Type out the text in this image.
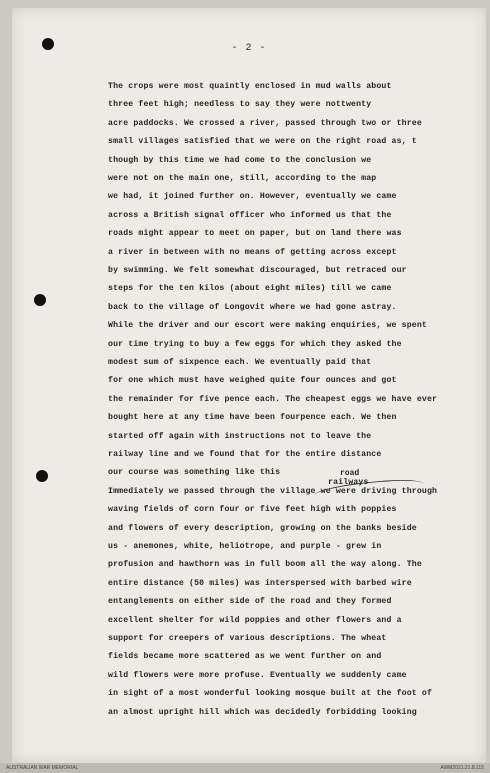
- 2 -

The crops were most quaintly enclosed in mud walls about

three feet high; needless to say they were nottwenty

acre paddocks. We crossed a river, passed through two or three

small villages satisfied that we were on the right road as, t

though by this time we had come to the conclusion we

were not on the main one, still, according to the map

we had, it joined further on. However, eventually we came

across a British signal officer who informed us that the

roads might appear to meet on paper, but on land there was

a river in between with no means of getting across except

by swimming. We felt somewhat discouraged, but retraced our

steps for the ten kilos (about eight miles) till we came

back to the village of Longovit where we had gone astray.

While the driver and our escort were making enquiries, we spent

our time trying to buy a few eggs for which they asked the

modest sum of sixpence each. We eventually paid that

for one which must have weighed quite four ounces and got

the remainder for five pence each. The cheapest eggs we have ever

bought here at any time have been fourpence each. We then

started off again with instructions not to leave the

railway line and we found that for the entire distance

our course was something like this

Immediately we passed through the village we were driving through

waving fields of corn four or five feet high with poppies

and flowers of every description, growing on the banks beside

us - anemones, white, heliotrope, and purple - grew in

profusion and hawthorn was in full boom all the way along. The

entire distance (50 miles) was interspersed with barbed wire

entanglements on either side of the road and they formed

excellent shelter for wild poppies and other flowers and a

support for creepers of various descriptions. The wheat

fields became more scattered as we went further on and

wild flowers were more profuse. Eventually we suddenly came

in sight of a most wonderful looking mosque built at the foot of

an almost upright hill which was decidedly forbidding looking

road
railways
AUSTRALIAN WAR MEMORIAL	AWM2021.21.8.115
